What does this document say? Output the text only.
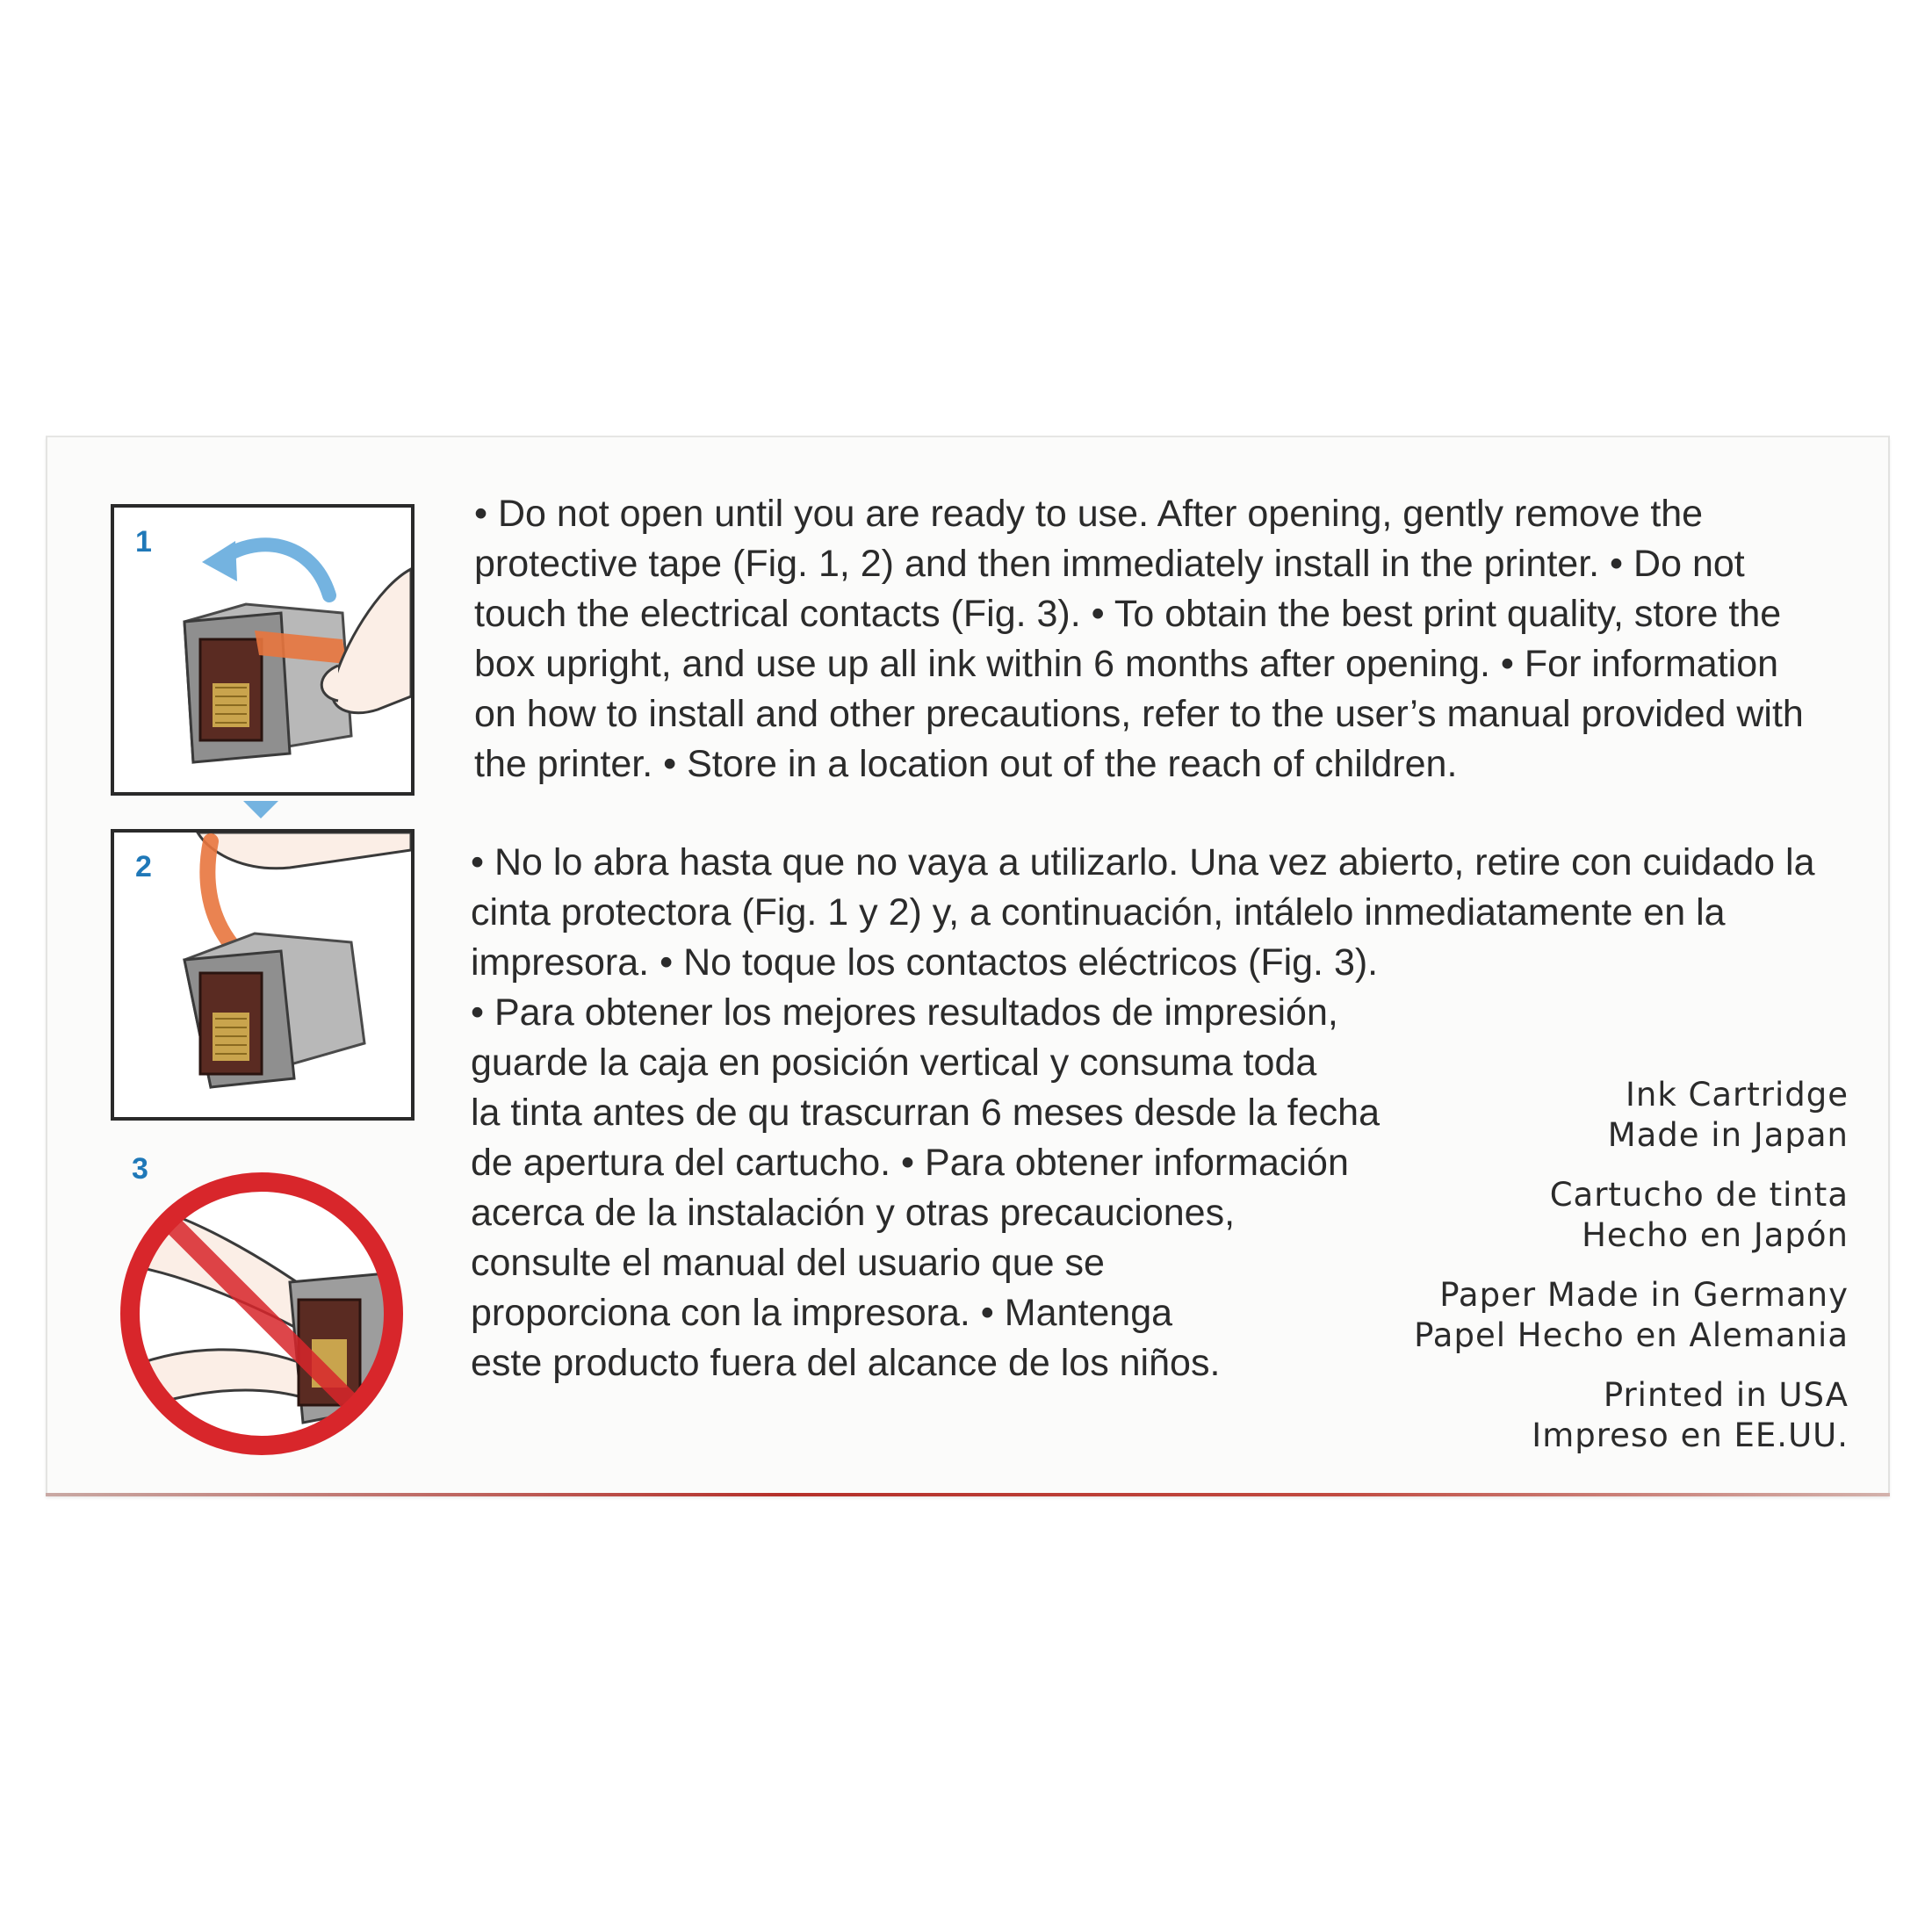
1
2
3
• Do not open until you are ready to use. After opening, gently remove the
protective tape (Fig. 1, 2) and then immediately install in the printer. • Do not
touch the electrical contacts (Fig. 3). • To obtain the best print quality, store the
box upright, and use up all ink within 6 months after opening. • For information
on how to install and other precautions, refer to the user’s manual provided with
the printer. • Store in a location out of the reach of children.
• No lo abra hasta que no vaya a utilizarlo. Una vez abierto, retire con cuidado la
cinta protectora (Fig. 1 y 2) y, a continuación, intálelo inmediatamente en la
impresora. • No toque los contactos eléctricos (Fig. 3).
• Para obtener los mejores resultados de impresión,
guarde la caja en posición vertical y consuma toda
la tinta antes de qu trascurran 6 meses desde la fecha
de apertura del cartucho. • Para obtener información
acerca de la instalación y otras precauciones,
consulte el manual del usuario que se
proporciona con la impresora. • Mantenga
este producto fuera del alcance de los niños.
Ink Cartridge
Made in Japan
Cartucho de tinta
Hecho en Japón
Paper Made in Germany
Papel Hecho en Alemania
Printed in USA
Impreso en EE.UU.
